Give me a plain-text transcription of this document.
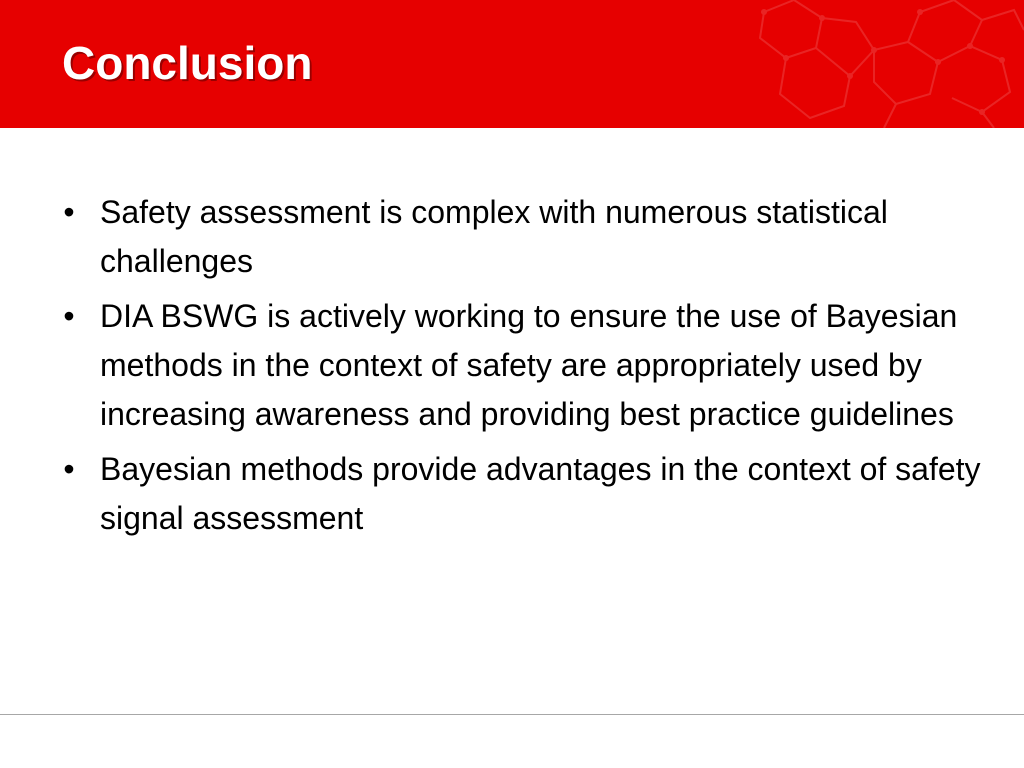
Conclusion
• Safety assessment is complex with numerous statistical challenges
• DIA BSWG is actively working to ensure the use of Bayesian methods in the context of safety are appropriately used by increasing awareness and providing best practice guidelines
• Bayesian methods provide advantages in the context of safety signal assessment
